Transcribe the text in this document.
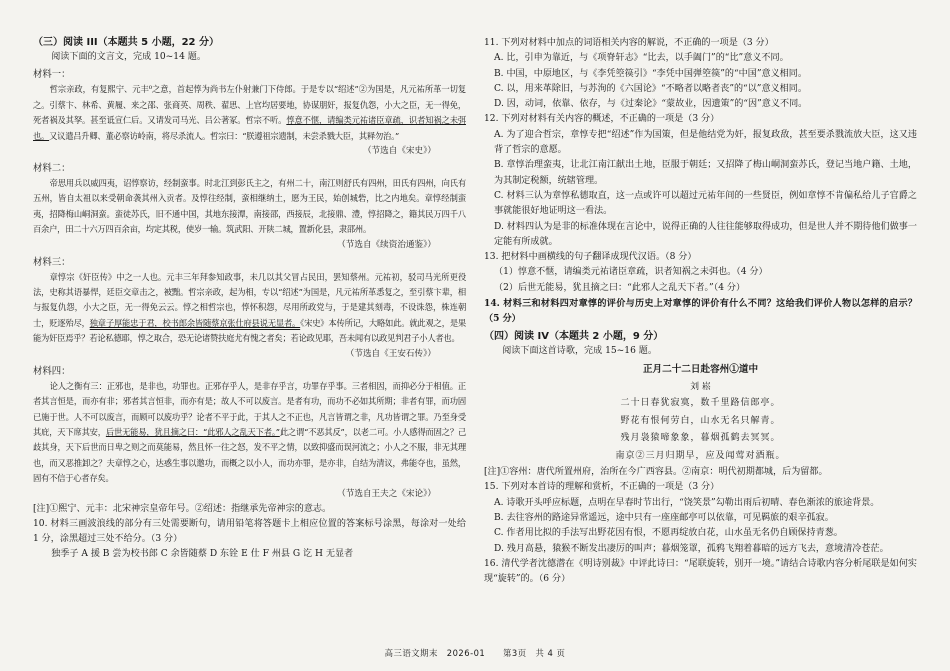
（三）阅读 III（本题共 5 小题，22 分）
阅读下面的文言文，完成 10~14 题。
材料一：
哲宗亲政，有复熙宁、元丰⁰之意，首起惇为尚书左仆射兼门下侍郎。于是专以“绍述”②为国是，凡元祐所革一切复之。引蔡卞、林希、黄履、来之邵、张商英、周秩、翟思、上官均居要地，协谋朋奸，报复仇怨，小大之臣，无一得免，死者祸及其孥。甚至诋宣仁后。又请发司马光、吕公著冢。哲宗不听。惇意不惬，请编类元祐诸臣章疏，识者知祸之未弭也。又议遣吕升卿、董必察访岭南，将尽杀流人。哲宗曰：“朕遵祖宗遗制，未尝杀戮大臣，其释勿治。”
（节选自《宋史》）
材料二：
帝思用兵以威四夷，诏惇察访，经制蛮事。时北江到彭氏主之，有州二十，南江则舒氏有四州，田氏有四州，向氏有五州，皆自太祖以来受朝命袭其州入贡者。及惇往经制，蛮相继纳土，愿为王民，始创城砦，比之内地矣。章惇经制蛮夷，招降梅山峒洞蛮。蛮徒苏氏，旧不通中国，其地东接潭，南接邵，西接辰，北接鼎、澧，惇招降之，籍其民万四千八百余户，田二十六万四百余亩，均定其税，使岁一输。筑武阳、开陕二城，置新化县，隶邵州。
（节选自《续资治通鉴》）
材料三：
章惇宗《奸臣传》中之一人也。元丰三年拜参知政事，未几以其父冒占民田，罢知蔡州。元祐初，驳司马光所更役法，史称其语暴悍，廷臣交章击之，被黜。哲宗亲政，起为相，专以“绍述”为国是，凡元祐所革悉复之，至引蔡卞辈，相与报复仇怨，小大之臣，无一得免云云。惇之相哲宗也，惇怀积怨，尽用所政党与，于是建其刻毒，不设诛怨，株连朝士，贬逐殆尽，独章子厚能忠于君，校书郎余皆随蔡京张仕府县说无显者。《宋史》本传所记，大略如此。就此观之，是果能为奸臣焉乎？若论私德耶，惇之取合，恐无论诸赞扶庭尤有愧之者矣；若论政见耶，吾未闻有以政见判君子小人者也。
（节选自《王安石传》）
材料四：
论人之衡有三：正邪也，是非也，功罪也。正邪存乎人，是非存乎言，功罪存乎事。三者相因，而抑必分于相值。正者其言恒是，而亦有非；邪者其言恒非，而亦有是；故人不可以废言。是者有功，而功不必如其所期；非者有罪，而功固已施于世。人不可以废言，而顾可以废功乎？论者不平于此，于其人之不正也，凡言皆谓之非，凡功皆谓之罪。乃至身受其庇，天下席其安，后世无能易，犹且摘之曰：“此邪人之乱天下者。”此之谓“不恶其反”，以老二可。小人感得而固之？己歧其身，天下后世而日卑之则之而莫能易，然且怀一往之怒，发不平之情，以致抑盛而误河流之；小人之不服，非无其理也，而又恶推卸之？夫章惇之心，达惑生事以邀功，而概之以小人，而功亦罪，是亦非，自结为清议，弗能夺也，虽然，固有不信于心者存矣。
（节选自王夫之《宋论》）
[注]①熙宁、元丰：北宋神宗皇帝年号。②绍述：指继承先帝神宗的意志。
10. 材料三画波浪线的部分有三处需要断句，请用铅笔将答题卡上相应位置的答案标号涂黑，每涂对一处给 1 分，涂黑超过三处不给分。（3 分）
独季子 A 援 B 尝为校书郎 C 余皆随蔡 D 东铨 E 仕 F 州县 G 讫 H 无显者
11. 下列对材料中加点的词语相关内容的解说，不正确的一项是（3 分）
A. 比，引申为靠近，与《项脊轩志》“比去，以手阖门”的“比”意义不同。
B. 中国，中原地区，与《李凭箜篌引》“李凭中国弹箜篌”的“中国”意义相同。
C. 以，用来革除旧，与苏洵的《六国论》“不略者以略者丧”的“以”意义相同。
D. 因，动词，依靠、依存，与《过秦论》“蒙故业，因遗策”的“因”意义不同。
12. 下列对材料有关内容的概述，不正确的一项是（3 分）
A. 为了迎合哲宗，章惇专把“绍述”作为国策，但是他结党为奸，报复政敌，甚至要杀戮流放大臣，这又违背了哲宗的意愿。
B. 章惇治理蛮夷，让北江南江献出土地，臣服于朝廷；又招降了梅山峒洞蛮苏氏，登记当地户籍、土地，为其制定税额，统辖管理。
C. 材料三认为章惇私德取直，这一点或许可以超过元祐年间的一些贤臣，例如章惇不肯偏私给儿子官爵之事就能很好地证明这一看法。
D. 材料四认为是非的标准体现在言论中，说得正确的人往往能够取得成功，但是世人并不期待他们做事一定能有所成就。
13. 把材料中画横线的句子翻译成现代汉语。（8 分）
（1）惇意不惬，请编类元祐诸臣章疏，识者知祸之未弭也。（4 分）
（2）后世无能易，犹且摘之曰：“此邪人之乱天下者。”（4 分）
14. 材料三和材料四对章惇的评价与历史上对章惇的评价有什么不同？这给我们评价人物以怎样的启示？（5 分）
（四）阅读 IV（本题共 2 小题，9 分）
阅读下面这首诗歌，完成 15~16 题。
正月二十二日赴容州①道中
刘 崧
二十日春犹寂寞，数千里路信郎亭。
野花有恨何劳白，山水无名只解青。
残月袅猿啼象象，暮烟孤鹤去冥冥。
南京②三月归期早，应及闻莺对酒瓶。
[注]①容州：唐代所置州府，治所在今广西容县。②南京：明代初期都城，后为留都。
15. 下列对本首诗的理解和赏析，不正确的一项是（3 分）
A. 诗歌开头呼应标题，点明在早春时节出行，“饶笑景”勾勒出雨后初晴、春色渐浓的旅途背景。
B. 去往容州的路途异常遥远，途中只有一座座邮亭可以依靠，可见羁旅的艰辛孤寂。
C. 作者用比拟的手法写出野花因有恨，不愿再绽放白花，山水虽无名仍自顾保持青葱。
D. 残月高悬，猿猴不断发出凄厉的叫声；暮烟笼罩，孤鸦飞翔着暮暗的远方飞去，意境清冷苍茫。
16. 清代学者沈德潜在《明诗别裁》中评此诗曰：“尾联旋转，别开一境。”请结合诗歌内容分析尾联是如何实现“旋转”的。（6 分）
高三语文期末　2026-01　　第3页　共 4 页
